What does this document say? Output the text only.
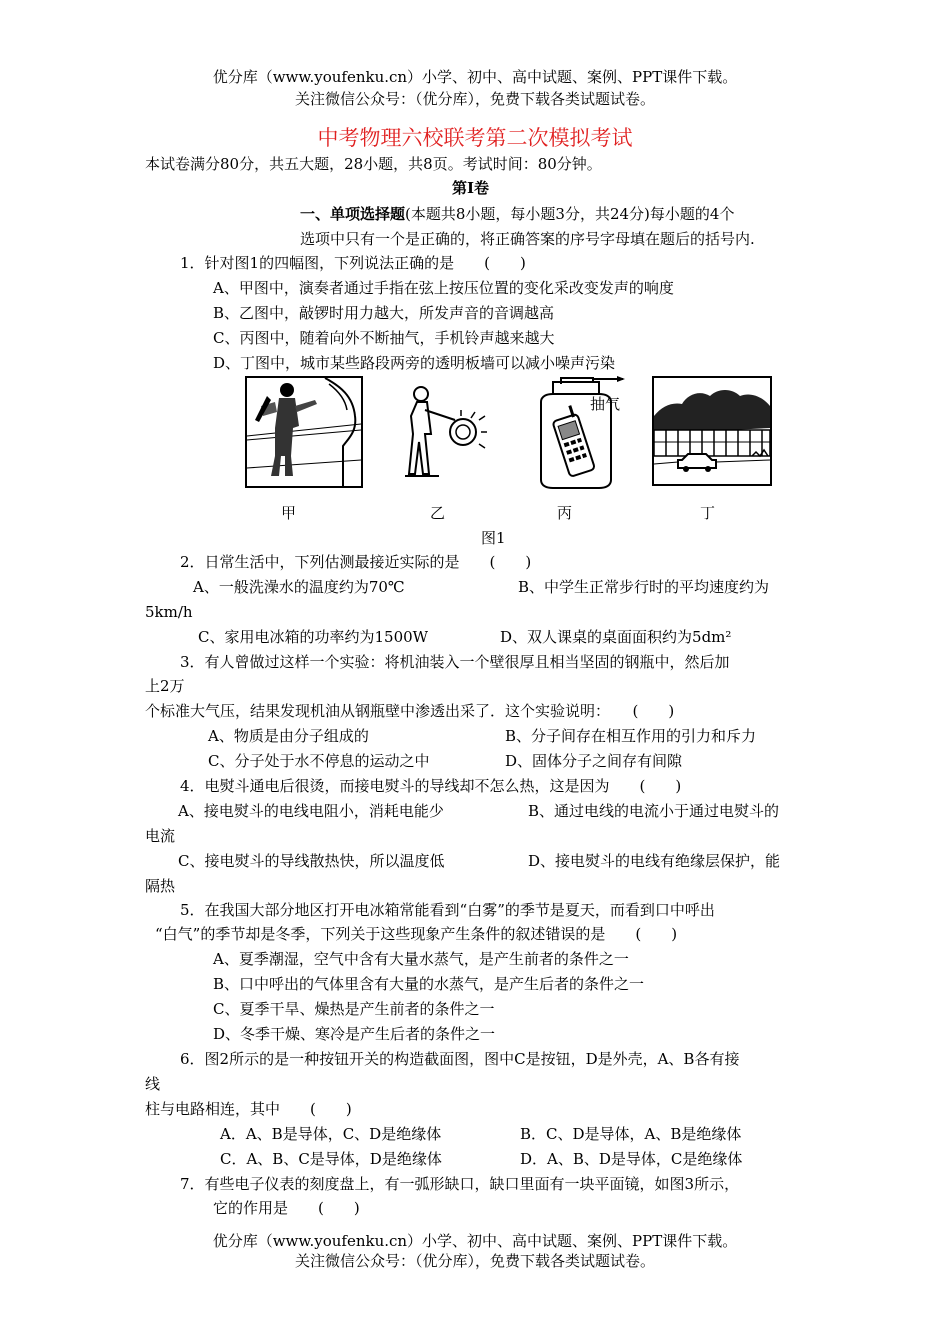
优分库（www.youfenku.cn）小学、初中、高中试题、案例、PPT课件下载。
关注微信公众号：（优分库），免费下载各类试题试卷。
中考物理六校联考第二次模拟考试
本试卷满分80分，共五大题，28小题，共8页。考试时间：80分钟。
第Ⅰ卷
一、单项选择题(本题共8小题，每小题3分，共24分)每小题的4个
选项中只有一个是正确的，将正确答案的序号字母填在题后的括号内.
1．针对图1的四幅图，下列说法正确的是　　(　　)
A、甲图中，演奏者通过手指在弦上按压位置的变化采改变发声的响度
B、乙图中，敲锣时用力越大，所发声音的音调越高
C、丙图中，随着向外不断抽气，手机铃声越来越大
D、丁图中，城市某些路段两旁的透明板墙可以减小噪声污染
抽气
甲	乙	丙	丁
图1
2．日常生活中，下列估测最接近实际的是　　(　　)
A、一般洗澡水的温度约为70℃	B、中学生正常步行时的平均速度约为
5km/h
C、家用电冰箱的功率约为1500W	D、双人课桌的桌面面积约为5dm²
3．有人曾做过这样一个实验：将机油装入一个壁很厚且相当坚固的钢瓶中，然后加
上2万
个标准大气压，结果发现机油从钢瓶壁中渗透出采了．这个实验说明：　　(　　)
A、物质是由分子组成的	B、分子间存在相互作用的引力和斥力
C、分子处于水不停息的运动之中	D、固体分子之间存有间隙
4．电熨斗通电后很烫，而接电熨斗的导线却不怎么热，这是因为　　(　　)
A、接电熨斗的电线电阻小，消耗电能少	B、通过电线的电流小于通过电熨斗的
电流
C、接电熨斗的导线散热快，所以温度低	D、接电熨斗的电线有绝缘层保护，能
隔热
5．在我国大部分地区打开电冰箱常能看到“白雾”的季节是夏天，而看到口中呼出
“白气”的季节却是冬季，下列关于这些现象产生条件的叙述错误的是　　(　　)
A、夏季潮湿，空气中含有大量水蒸气，是产生前者的条件之一
B、口中呼出的气体里含有大量的水蒸气，是产生后者的条件之一
C、夏季干旱、燥热是产生前者的条件之一
D、冬季干燥、寒冷是产生后者的条件之一
6．图2所示的是一种按钮开关的构造截面图，图中C是按钮，D是外壳，A、B各有接
线
柱与电路相连，其中　　(　　)
A．A、B是导体，C、D是绝缘体	B．C、D是导体，A、B是绝缘体
C．A、B、C是导体，D是绝缘体	D．A、B、D是导体，C是绝缘体
7．有些电子仪表的刻度盘上，有一弧形缺口，缺口里面有一块平面镜，如图3所示，
它的作用是　　(　　)
优分库（www.youfenku.cn）小学、初中、高中试题、案例、PPT课件下载。
关注微信公众号：（优分库），免费下载各类试题试卷。
